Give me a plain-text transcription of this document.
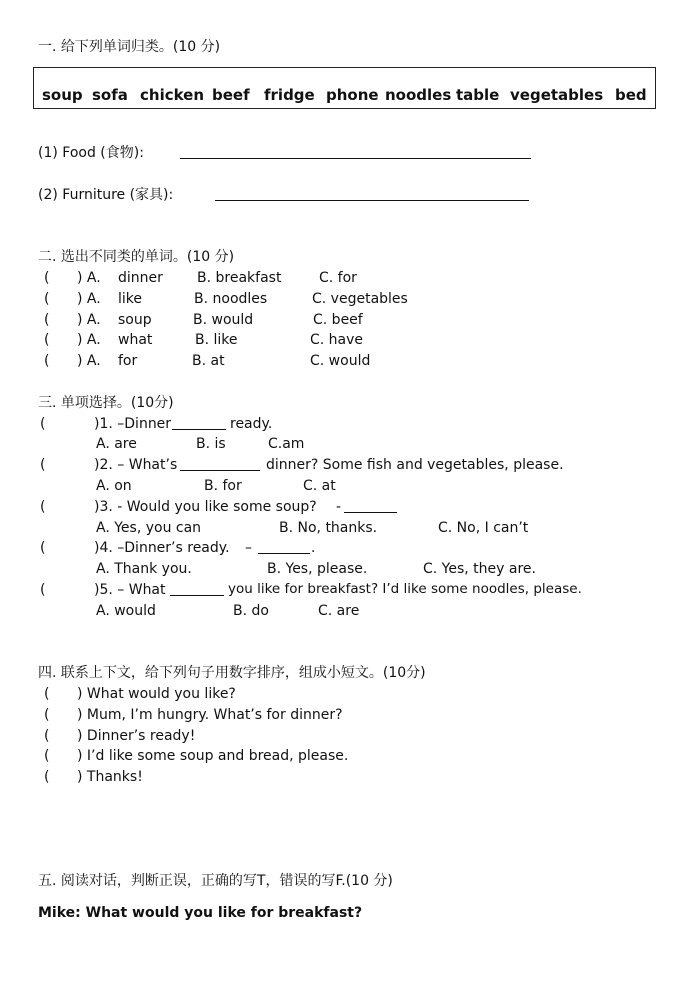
一. 给下列单词归类。(10 分)
soup sofa chicken beef fridge phone noodles table vegetables bed
(1) Food (食物):
(2) Furniture (家具):
二. 选出不同类的单词。(10 分)
( ) A. dinner B. breakfast	C. for
( ) A. like	B. noodles	C. vegetables
( ) A. soup	B. would	C. beef
( ) A. what	B. like	C. have
( ) A. for	B. at	C. would
三. 单项选择。(10分)
(	)1. –Dinner	ready.
A. are	B. is	C.am
(	)2. – What’s	dinner? Some fish and vegetables, please.
A. on	B. for	C. at
(	)3. - Would you like some soup? -
A. Yes, you can	B. No, thanks.	C. No, I can’t
(	)4. –Dinner’s ready. –	.
A. Thank you.	B. Yes, please.	C. Yes, they are.
(	)5. – What	you like for breakfast? I’d like some noodles, please.
A. would	B. do	C. are
四. 联系上下文，给下列句子用数字排序，组成小短文。(10分)
( ) What would you like?
( ) Mum, I’m hungry. What’s for dinner?
( ) Dinner’s ready!
( ) I’d like some soup and bread, please.
( ) Thanks!
五. 阅读对话，判断正误，正确的写T，错误的写F.(10 分)
Mike: What would you like for breakfast?
